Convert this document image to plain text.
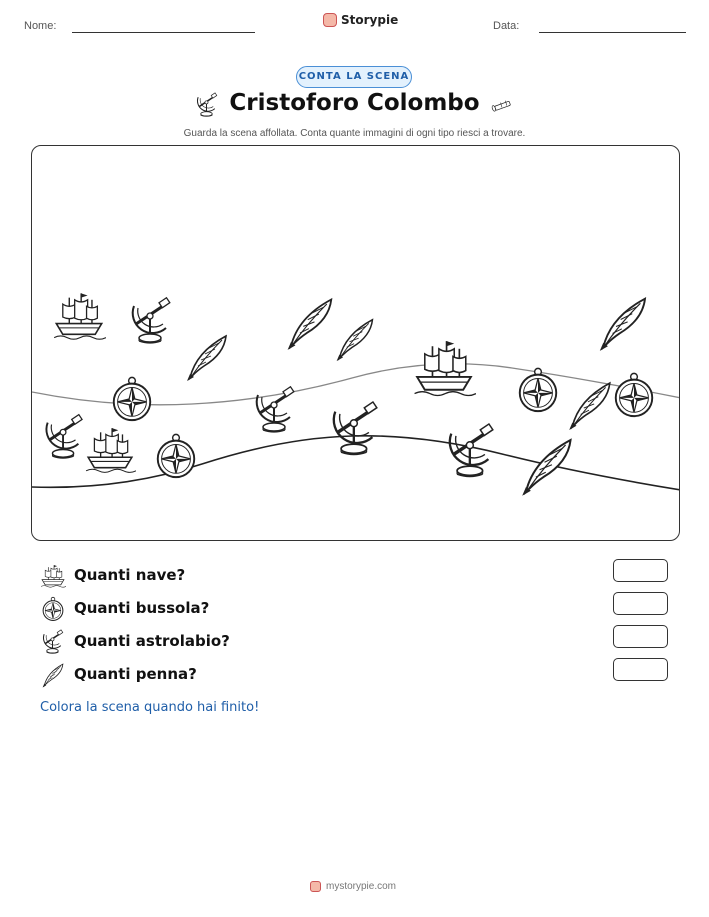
Nome:	Storypie	Data:
CONTA LA SCENA
Cristoforo Colombo
Guarda la scena affollata. Conta quante immagini di ogni tipo riesci a trovare.
Quanti nave?
Quanti bussola?
Quanti astrolabio?
Quanti penna?
Colora la scena quando hai finito!
mystorypie.com
